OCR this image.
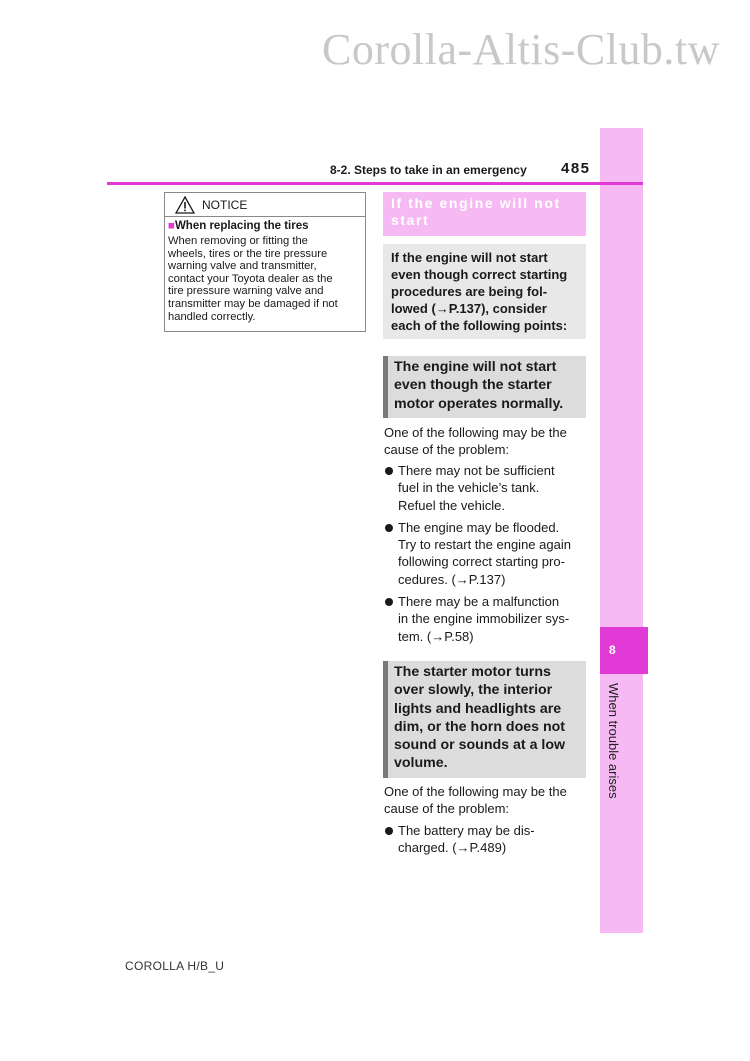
Corolla-Altis-Club.tw
8
When trouble arises
8-2. Steps to take in an emergency 485
NOTICE
■When replacing the tires
When removing or fitting the
wheels, tires or the tire pressure
warning valve and transmitter,
contact your Toyota dealer as the
tire pressure warning valve and
transmitter may be damaged if not
handled correctly.
If the engine will not
start
If the engine will not start
even though correct starting
procedures are being fol-
lowed (→P.137), consider
each of the following points:
The engine will not start
even though the starter
motor operates normally.
One of the following may be the
cause of the problem:
There may not be sufficient
fuel in the vehicle’s tank.
Refuel the vehicle.
The engine may be flooded.
Try to restart the engine again
following correct starting pro-
cedures. (→P.137)
There may be a malfunction
in the engine immobilizer sys-
tem. (→P.58)
The starter motor turns
over slowly, the interior
lights and headlights are
dim, or the horn does not
sound or sounds at a low
volume.
One of the following may be the
cause of the problem:
The battery may be dis-
charged. (→P.489)
COROLLA H/B_U
